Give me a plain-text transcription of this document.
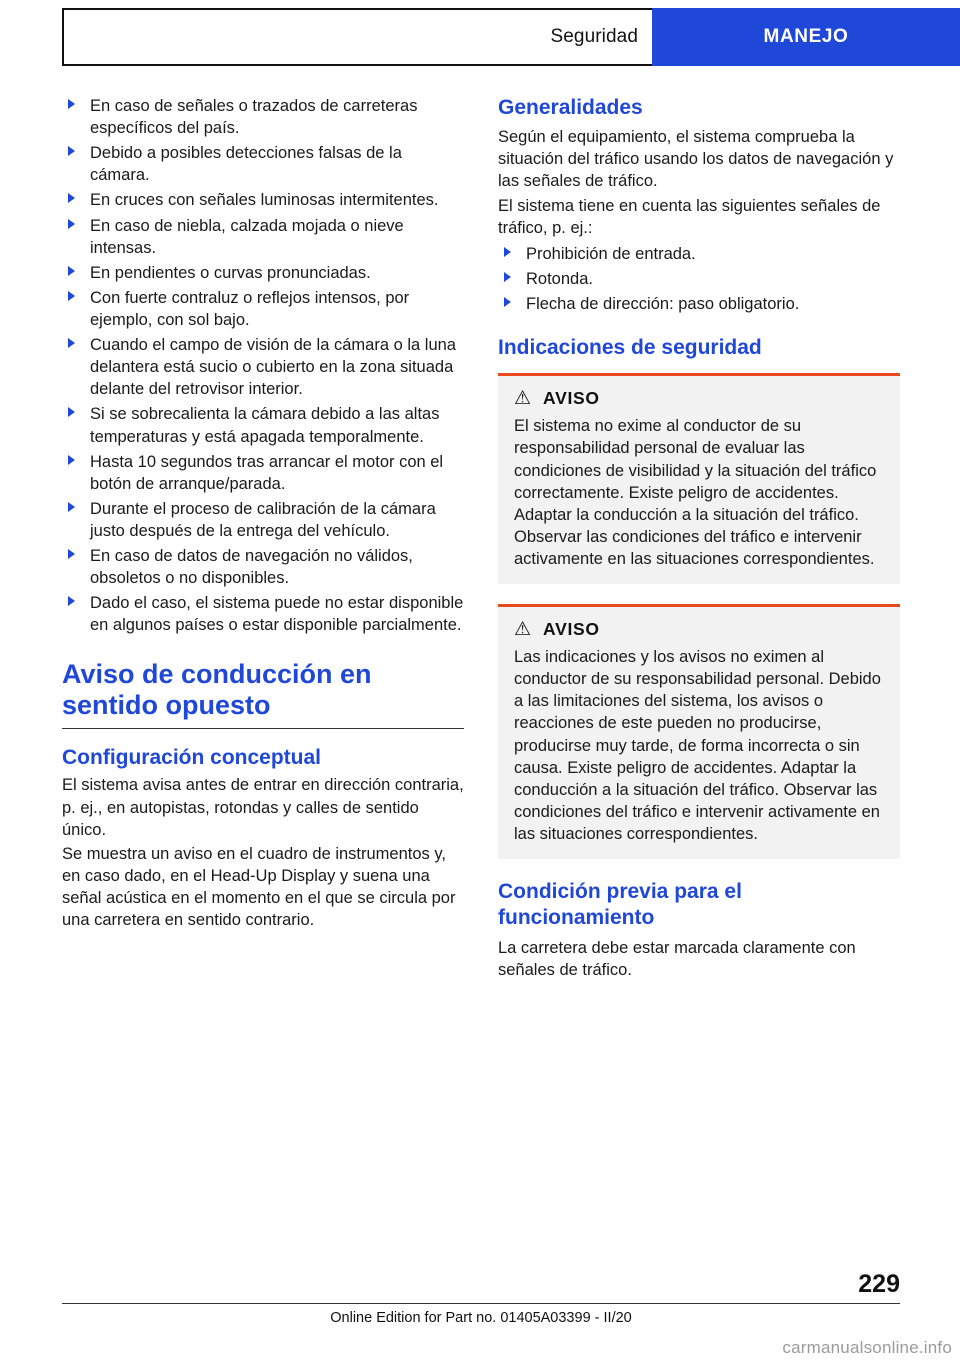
Seguridad	MANEJO
En caso de señales o trazados de carreteras específicos del país.
Debido a posibles detecciones falsas de la cámara.
En cruces con señales luminosas intermitentes.
En caso de niebla, calzada mojada o nieve intensas.
En pendientes o curvas pronunciadas.
Con fuerte contraluz o reflejos intensos, por ejemplo, con sol bajo.
Cuando el campo de visión de la cámara o la luna delantera está sucio o cubierto en la zona situada delante del retrovisor interior.
Si se sobrecalienta la cámara debido a las altas temperaturas y está apagada temporalmente.
Hasta 10 segundos tras arrancar el motor con el botón de arranque/parada.
Durante el proceso de calibración de la cámara justo después de la entrega del vehículo.
En caso de datos de navegación no válidos, obsoletos o no disponibles.
Dado el caso, el sistema puede no estar disponible en algunos países o estar disponible parcialmente.
Aviso de conducción en sentido opuesto
Configuración conceptual

El sistema avisa antes de entrar en dirección contraria, p. ej., en autopistas, rotondas y calles de sentido único.

Se muestra un aviso en el cuadro de instrumentos y, en caso dado, en el Head-Up Display y suena una señal acústica en el momento en el que se circula por una carretera en sentido contrario.

Generalidades

Según el equipamiento, el sistema comprueba la situación del tráfico usando los datos de navegación y las señales de tráfico.

El sistema tiene en cuenta las siguientes señales de tráfico, p. ej.:

Prohibición de entrada.
Rotonda.
Flecha de dirección: paso obligatorio.
Indicaciones de seguridad
⚠ AVISO

El sistema no exime al conductor de su responsabilidad personal de evaluar las condiciones de visibilidad y la situación del tráfico correctamente. Existe peligro de accidentes. Adaptar la conducción a la situación del tráfico. Observar las condiciones del tráfico e intervenir activamente en las situaciones correspondientes.

⚠ AVISO

Las indicaciones y los avisos no eximen al conductor de su responsabilidad personal. Debido a las limitaciones del sistema, los avisos o reacciones de este pueden no producirse, producirse muy tarde, de forma incorrecta o sin causa. Existe peligro de accidentes. Adaptar la conducción a la situación del tráfico. Observar las condiciones del tráfico e intervenir activamente en las situaciones correspondientes.

Condición previa para el funcionamiento

La carretera debe estar marcada claramente con señales de tráfico.

229
Online Edition for Part no. 01405A03399 - II/20
carmanualsonline.info
